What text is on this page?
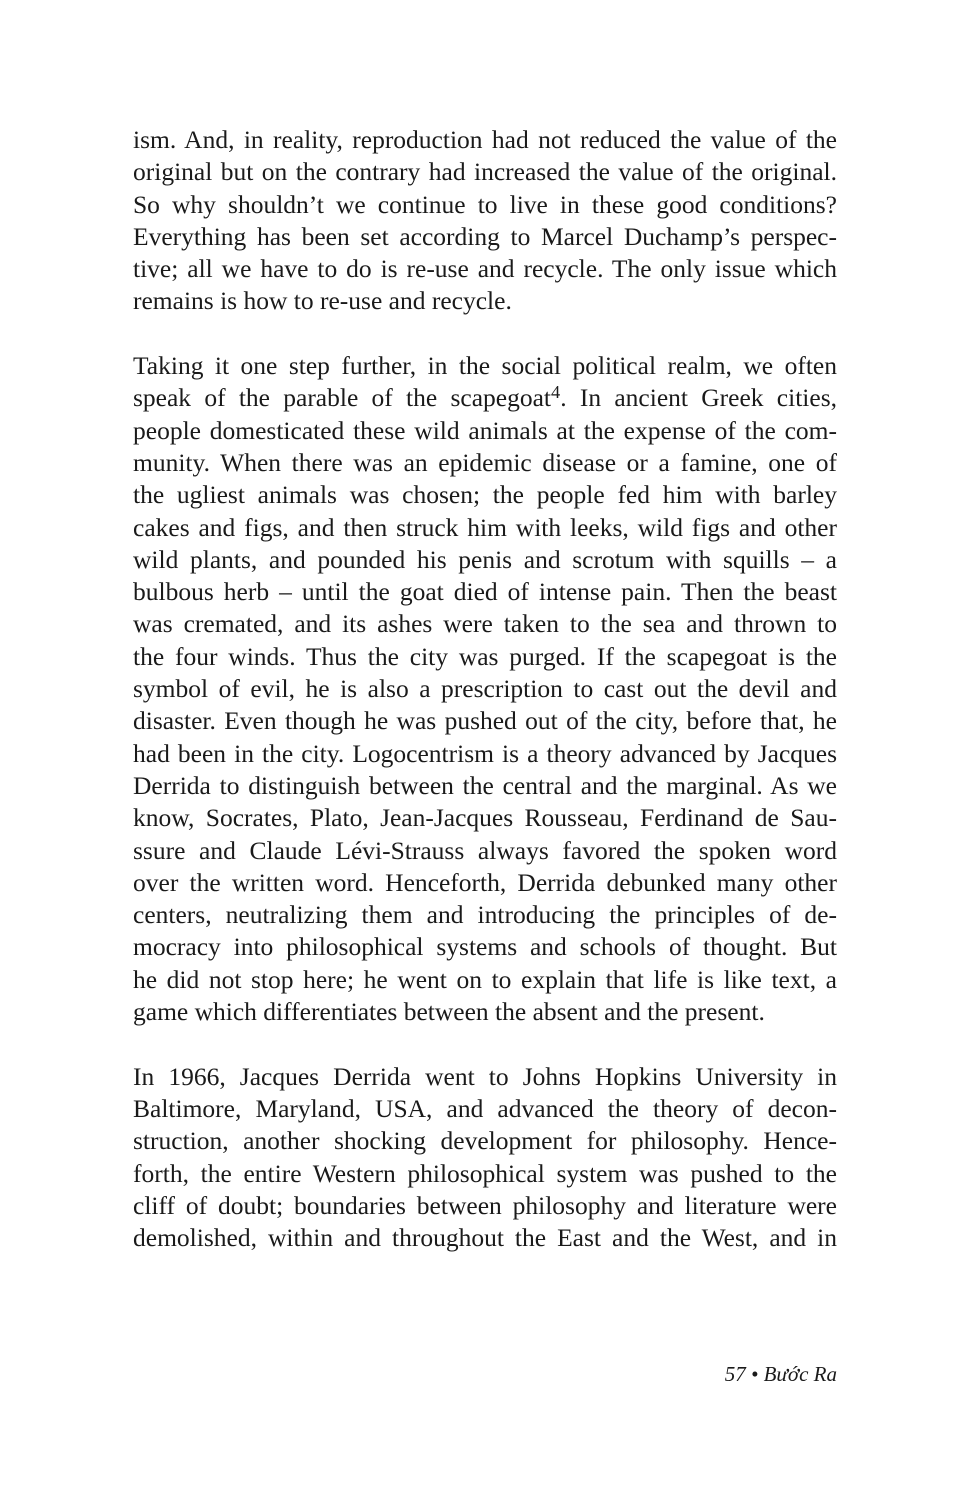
ism. And, in reality, reproduction had not reduced the value of the
original but on the contrary had increased the value of the original.
So why shouldn’t we continue to live in these good conditions?
Everything has been set according to Marcel Duchamp’s perspec-
tive; all we have to do is re-use and recycle. The only issue which
remains is how to re-use and recycle.

Taking it one step further, in the social political realm, we often
speak of the parable of the scapegoat$^4$. In ancient Greek cities,
people domesticated these wild animals at the expense of the com-
munity. When there was an epidemic disease or a famine, one of
the ugliest animals was chosen; the people fed him with barley
cakes and figs, and then struck him with leeks, wild figs and other
wild plants, and pounded his penis and scrotum with squills – a
bulbous herb – until the goat died of intense pain. Then the beast
was cremated, and its ashes were taken to the sea and thrown to
the four winds. Thus the city was purged. If the scapegoat is the
symbol of evil, he is also a prescription to cast out the devil and
disaster. Even though he was pushed out of the city, before that, he
had been in the city. Logocentrism is a theory advanced by Jacques
Derrida to distinguish between the central and the marginal. As we
know, Socrates, Plato, Jean-Jacques Rousseau, Ferdinand de Sau-
ssure and Claude Lévi-Strauss always favored the spoken word
over the written word. Henceforth, Derrida debunked many other
centers, neutralizing them and introducing the principles of de-
mocracy into philosophical systems and schools of thought. But
he did not stop here; he went on to explain that life is like text, a
game which differentiates between the absent and the present.

In 1966, Jacques Derrida went to Johns Hopkins University in
Baltimore, Maryland, USA, and advanced the theory of decon-
struction, another shocking development for philosophy. Hence-
forth, the entire Western philosophical system was pushed to the
cliff of doubt; boundaries between philosophy and literature were
demolished, within and throughout the East and the West, and in

57 • Bước Ra
